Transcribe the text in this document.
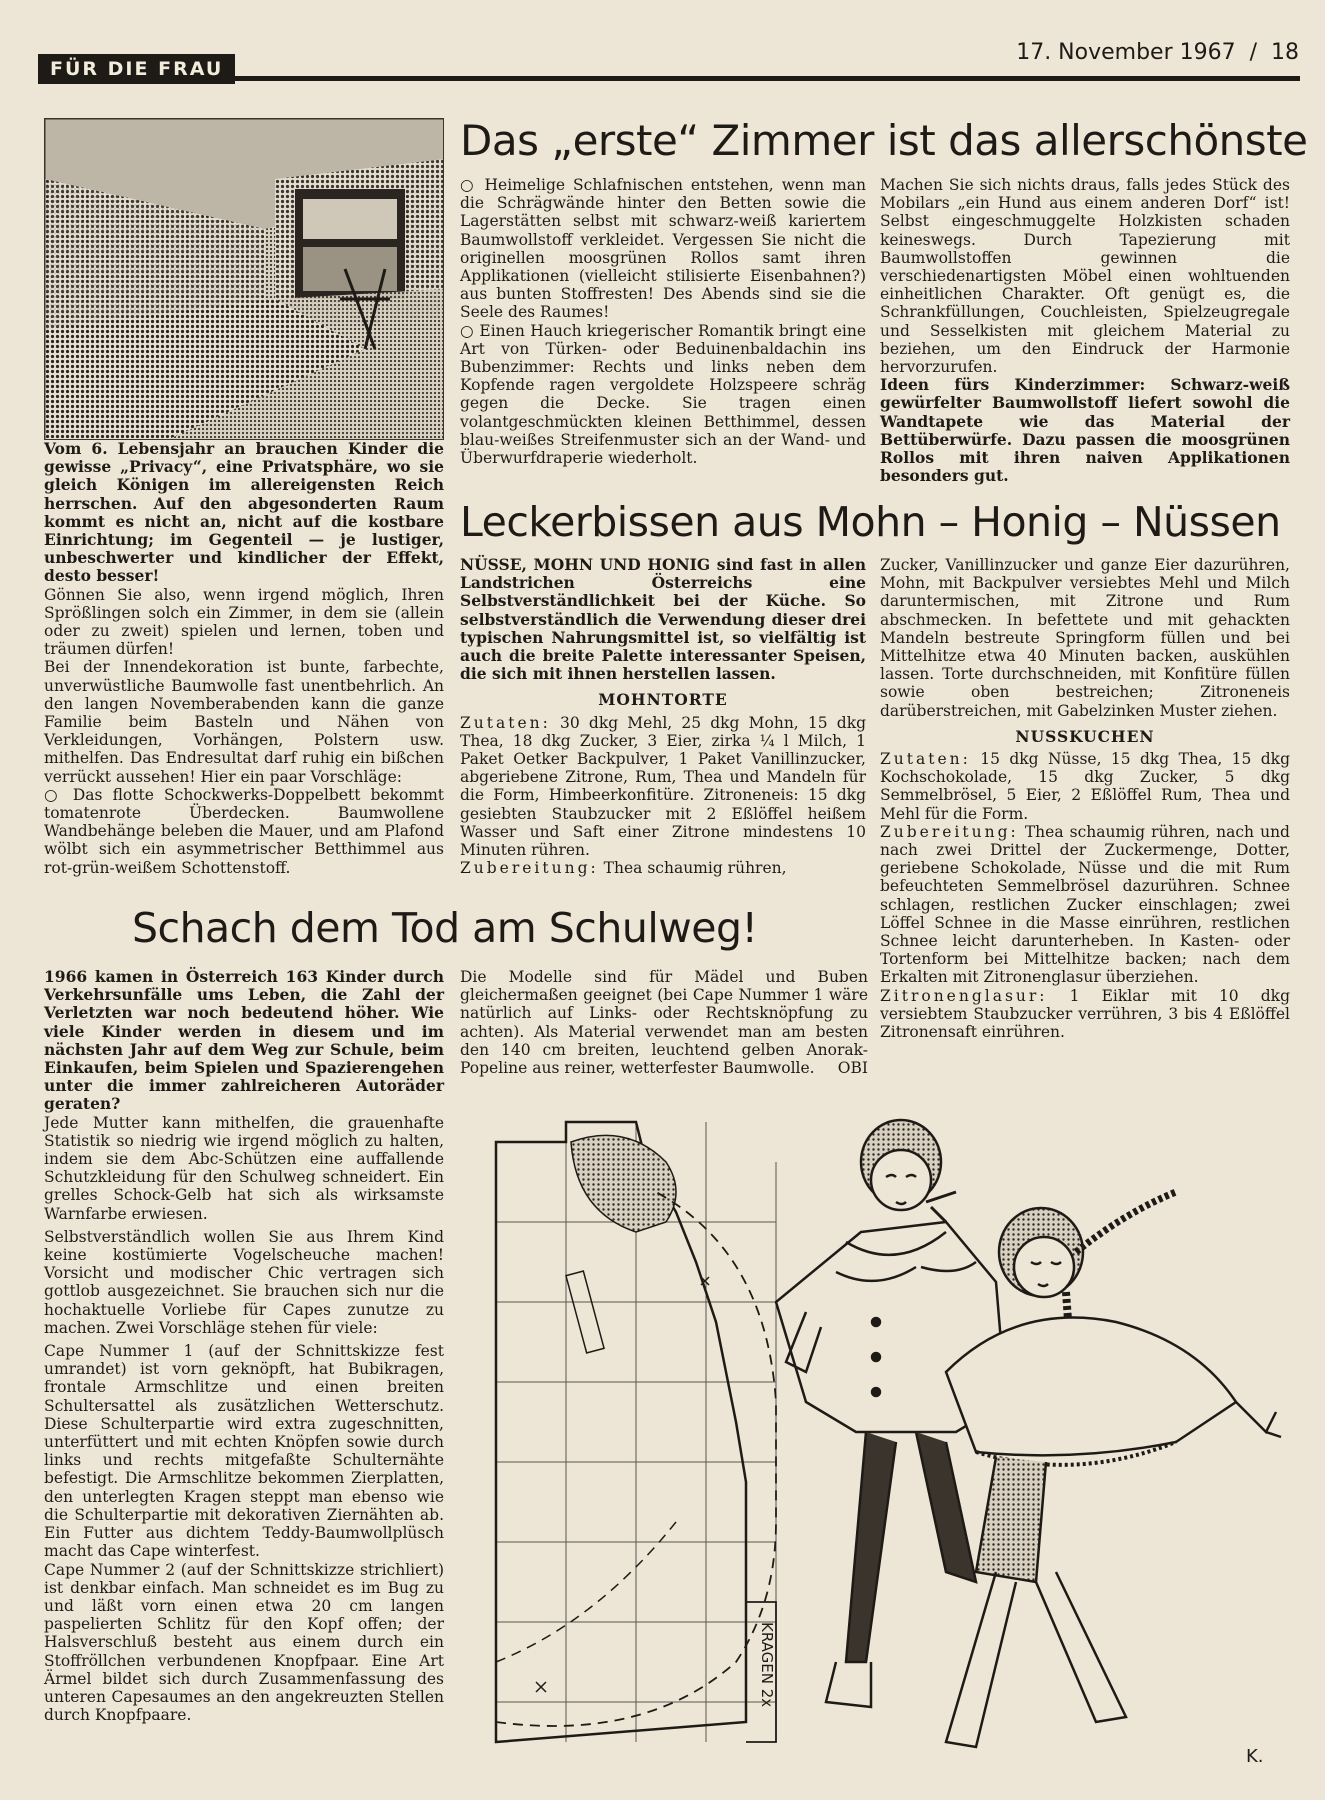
FÜR DIE FRAU
17. November 1967  /  18
Das „erste“ Zimmer ist das allerschönste

Vom 6. Lebensjahr an brauchen Kinder die gewisse „Privacy“, eine Privatsphäre, wo sie gleich Königen im allereigensten Reich herrschen. Auf den abgesonderten Raum kommt es nicht an, nicht auf die kostbare Einrichtung; im Gegenteil — je lustiger, unbeschwerter und kindlicher der Effekt, desto besser!

Gönnen Sie also, wenn irgend möglich, Ihren Sprößlingen solch ein Zimmer, in dem sie (allein oder zu zweit) spielen und lernen, toben und träumen dürfen!

Bei der Innendekoration ist bunte, farbechte, unverwüstliche Baumwolle fast unentbehrlich. An den langen Novemberabenden kann die ganze Familie beim Basteln und Nähen von Verkleidungen, Vorhängen, Polstern usw. mithelfen. Das Endresultat darf ruhig ein bißchen verrückt aussehen! Hier ein paar Vorschläge:

○ Das flotte Schockwerks-Doppelbett bekommt tomatenrote Überdecken. Baumwollene Wandbehänge beleben die Mauer, und am Plafond wölbt sich ein asymmetrischer Betthimmel aus rot-grün-weißem Schottenstoff.

○ Heimelige Schlafnischen entstehen, wenn man die Schrägwände hinter den Betten sowie die Lagerstätten selbst mit schwarz-weiß kariertem Baumwollstoff verkleidet. Vergessen Sie nicht die originellen moosgrünen Rollos samt ihren Applikationen (vielleicht stilisierte Eisenbahnen?) aus bunten Stoffresten! Des Abends sind sie die Seele des Raumes!

○ Einen Hauch kriegerischer Romantik bringt eine Art von Türken- oder Beduinenbaldachin ins Bubenzimmer: Rechts und links neben dem Kopfende ragen vergoldete Holzspeere schräg gegen die Decke. Sie tragen einen volantgeschmückten kleinen Betthimmel, dessen blau-weißes Streifenmuster sich an der Wand- und Überwurfdraperie wiederholt.

Machen Sie sich nichts draus, falls jedes Stück des Mobilars „ein Hund aus einem anderen Dorf“ ist! Selbst eingeschmuggelte Holzkisten schaden keineswegs. Durch Tapezierung mit Baumwollstoffen gewinnen die verschiedenartigsten Möbel einen wohltuenden einheitlichen Charakter. Oft genügt es, die Schrankfüllungen, Couchleisten, Spielzeugregale und Sesselkisten mit gleichem Material zu beziehen, um den Eindruck der Harmonie hervorzurufen.

Ideen fürs Kinderzimmer: Schwarz-weiß gewürfelter Baumwollstoff liefert sowohl die Wandtapete wie das Material der Bettüberwürfe. Dazu passen die moosgrünen Rollos mit ihren naiven Applikationen besonders gut.

Leckerbissen aus Mohn – Honig – Nüssen

NÜSSE, MOHN UND HONIG sind fast in allen Landstrichen Österreichs eine Selbstverständlichkeit bei der Küche. So selbstverständlich die Verwendung dieser drei typischen Nahrungsmittel ist, so vielfältig ist auch die breite Palette interessanter Speisen, die sich mit ihnen herstellen lassen.

MOHNTORTE

Zutaten: 30 dkg Mehl, 25 dkg Mohn, 15 dkg Thea, 18 dkg Zucker, 3 Eier, zirka ¼ l Milch, 1 Paket Oetker Backpulver, 1 Paket Vanillinzucker, abgeriebene Zitrone, Rum, Thea und Mandeln für die Form, Himbeerkonfitüre. Zitroneneis: 15 dkg gesiebten Staubzucker mit 2 Eßlöffel heißem Wasser und Saft einer Zitrone mindestens 10 Minuten rühren.

Zubereitung: Thea schaumig rühren,

Zucker, Vanillinzucker und ganze Eier dazurühren, Mohn, mit Backpulver versiebtes Mehl und Milch daruntermischen, mit Zitrone und Rum abschmecken. In befettete und mit gehackten Mandeln bestreute Springform füllen und bei Mittelhitze etwa 40 Minuten backen, auskühlen lassen. Torte durchschneiden, mit Konfitüre füllen sowie oben bestreichen; Zitroneneis darüberstreichen, mit Gabelzinken Muster ziehen.

NUSSKUCHEN

Zutaten: 15 dkg Nüsse, 15 dkg Thea, 15 dkg Kochschokolade, 15 dkg Zucker, 5 dkg Semmelbrösel, 5 Eier, 2 Eßlöffel Rum, Thea und Mehl für die Form.

Zubereitung: Thea schaumig rühren, nach und nach zwei Drittel der Zuckermenge, Dotter, geriebene Schokolade, Nüsse und die mit Rum befeuchteten Semmelbrösel dazurühren. Schnee schlagen, restlichen Zucker einschlagen; zwei Löffel Schnee in die Masse einrühren, restlichen Schnee leicht darunterheben. In Kasten- oder Tortenform bei Mittelhitze backen; nach dem Erkalten mit Zitronenglasur überziehen.

Zitronenglasur: 1 Eiklar mit 10 dkg versiebtem Staubzucker verrühren, 3 bis 4 Eßlöffel Zitronensaft einrühren.

Schach dem Tod am Schulweg!

1966 kamen in Österreich 163 Kinder durch Verkehrsunfälle ums Leben, die Zahl der Verletzten war noch bedeutend höher. Wie viele Kinder werden in diesem und im nächsten Jahr auf dem Weg zur Schule, beim Einkaufen, beim Spielen und Spazierengehen unter die immer zahlreicheren Autoräder geraten?

Jede Mutter kann mithelfen, die grauenhafte Statistik so niedrig wie irgend möglich zu halten, indem sie dem Abc-Schützen eine auffallende Schutzkleidung für den Schulweg schneidert. Ein grelles Schock-Gelb hat sich als wirksamste Warnfarbe erwiesen.

Selbstverständlich wollen Sie aus Ihrem Kind keine kostümierte Vogelscheuche machen! Vorsicht und modischer Chic vertragen sich gottlob ausgezeichnet. Sie brauchen sich nur die hochaktuelle Vorliebe für Capes zunutze zu machen. Zwei Vorschläge stehen für viele:

Cape Nummer 1 (auf der Schnittskizze fest umrandet) ist vorn geknöpft, hat Bubikragen, frontale Armschlitze und einen breiten Schultersattel als zusätzlichen Wetterschutz. Diese Schulterpartie wird extra zugeschnitten, unterfüttert und mit echten Knöpfen sowie durch links und rechts mitgefaßte Schulternähte befestigt. Die Armschlitze bekommen Zierplatten, den unterlegten Kragen steppt man ebenso wie die Schulterpartie mit dekorativen Ziernähten ab. Ein Futter aus dichtem Teddy-Baumwollplüsch macht das Cape winterfest.

Cape Nummer 2 (auf der Schnittskizze strichliert) ist denkbar einfach. Man schneidet es im Bug zu und läßt vorn einen etwa 20 cm langen paspelierten Schlitz für den Kopf offen; der Halsverschluß besteht aus einem durch ein Stoffröllchen verbundenen Knopfpaar. Eine Art Ärmel bildet sich durch Zusammenfassung des unteren Capesaumes an den angekreuzten Stellen durch Knopfpaare.

Die Modelle sind für Mädel und Buben gleichermaßen geeignet (bei Cape Nummer 1 wäre natürlich auf Links- oder Rechtsknöpfung zu achten). Als Material verwendet man am besten den 140 cm breiten, leuchtend gelben Anorak-Popeline aus reiner, wetterfester Baumwolle.	OBI

KRAGEN 2x
K.
